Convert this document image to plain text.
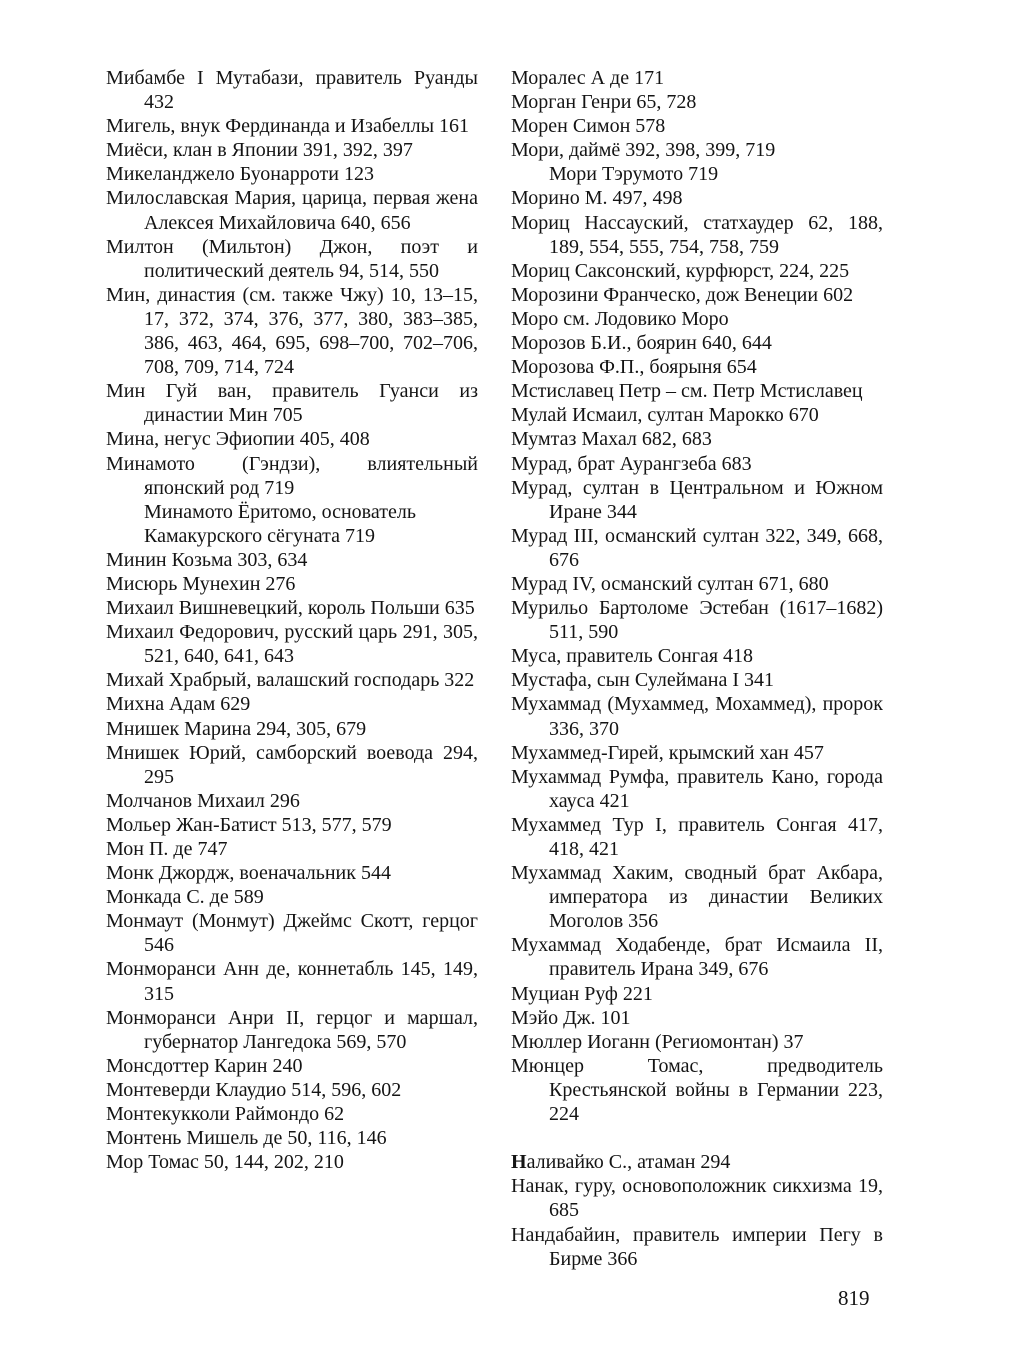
Мибамбе I Мутабази, правитель Руанды 432
Мигель, внук Фердинанда и Изабеллы 161
Миёси, клан в Японии 391, 392, 397
Микеланджело Буонарроти 123
Милославская Мария, царица, первая жена Алексея Михайловича 640, 656
Милтон (Мильтон) Джон, поэт и политический деятель 94, 514, 550
Мин, династия (см. также Чжу) 10, 13–15, 17, 372, 374, 376, 377, 380, 383–385, 386, 463, 464, 695, 698–700, 702–706, 708, 709, 714, 724
Мин Гуй ван, правитель Гуанси из династии Мин 705
Мина, негус Эфиопии 405, 408
Минамото (Гэндзи), влиятельный японский род 719
Минамото Ёритомо, основатель Камакурского сёгуната 719
Минин Козьма 303, 634
Мисюрь Мунехин 276
Михаил Вишневецкий, король Польши 635
Михаил Федорович, русский царь 291, 305, 521, 640, 641, 643
Михай Храбрый, валашский господарь 322
Михна Адам 629
Мнишек Марина 294, 305, 679
Мнишек Юрий, самборский воевода 294, 295
Молчанов Михаил 296
Мольер Жан-Батист 513, 577, 579
Мон П. де 747
Монк Джордж, военачальник 544
Монкада С. де 589
Монмаут (Монмут) Джеймс Скотт, герцог 546
Монморанси Анн де, коннетабль 145, 149, 315
Монморанси Анри II, герцог и маршал, губернатор Лангедока 569, 570
Монсдоттер Карин 240
Монтеверди Клаудио 514, 596, 602
Монтекукколи Раймондо 62
Монтень Мишель де 50, 116, 146
Мор Томас 50, 144, 202, 210
Моралес А де 171
Морган Генри 65, 728
Морен Симон 578
Мори, даймё 392, 398, 399, 719
Мори Тэрумото 719
Морино М. 497, 498
Мориц Нассауский, статхаудер 62, 188, 189, 554, 555, 754, 758, 759
Мориц Саксонский, курфюрст, 224, 225
Морозини Франческо, дож Венеции 602
Моро см. Лодовико Моро
Морозов Б.И., боярин 640, 644
Морозова Ф.П., боярыня 654
Мстиславец Петр – см. Петр Мстиславец
Мулай Исмаил, султан Марокко 670
Мумтаз Махал 682, 683
Мурад, брат Аурангзеба 683
Мурад, султан в Центральном и Южном Иране 344
Мурад III, османский султан 322, 349, 668, 676
Мурад IV, османский султан 671, 680
Мурильо Бартоломе Эстебан (1617–1682) 511, 590
Муса, правитель Сонгая 418
Мустафа, сын Сулеймана I 341
Мухаммад (Мухаммед, Мохаммед), пророк 336, 370
Мухаммед-Гирей, крымский хан 457
Мухаммад Румфа, правитель Кано, города хауса 421
Мухаммед Тур I, правитель Сонгая 417, 418, 421
Мухаммад Хаким, сводный брат Акбара, императора из династии Великих Моголов 356
Мухаммад Ходабенде, брат Исмаила II, правитель Ирана 349, 676
Муциан Руф 221
Мэйо Дж. 101
Мюллер Иоганн (Региомонтан) 37
Мюнцер Томас, предводитель Крестьянской войны в Германии 223, 224
Наливайко С., атаман 294
Нанак, гуру, основоположник сикхизма 19, 685
Нандабайин, правитель империи Пегу в Бирме 366
819
